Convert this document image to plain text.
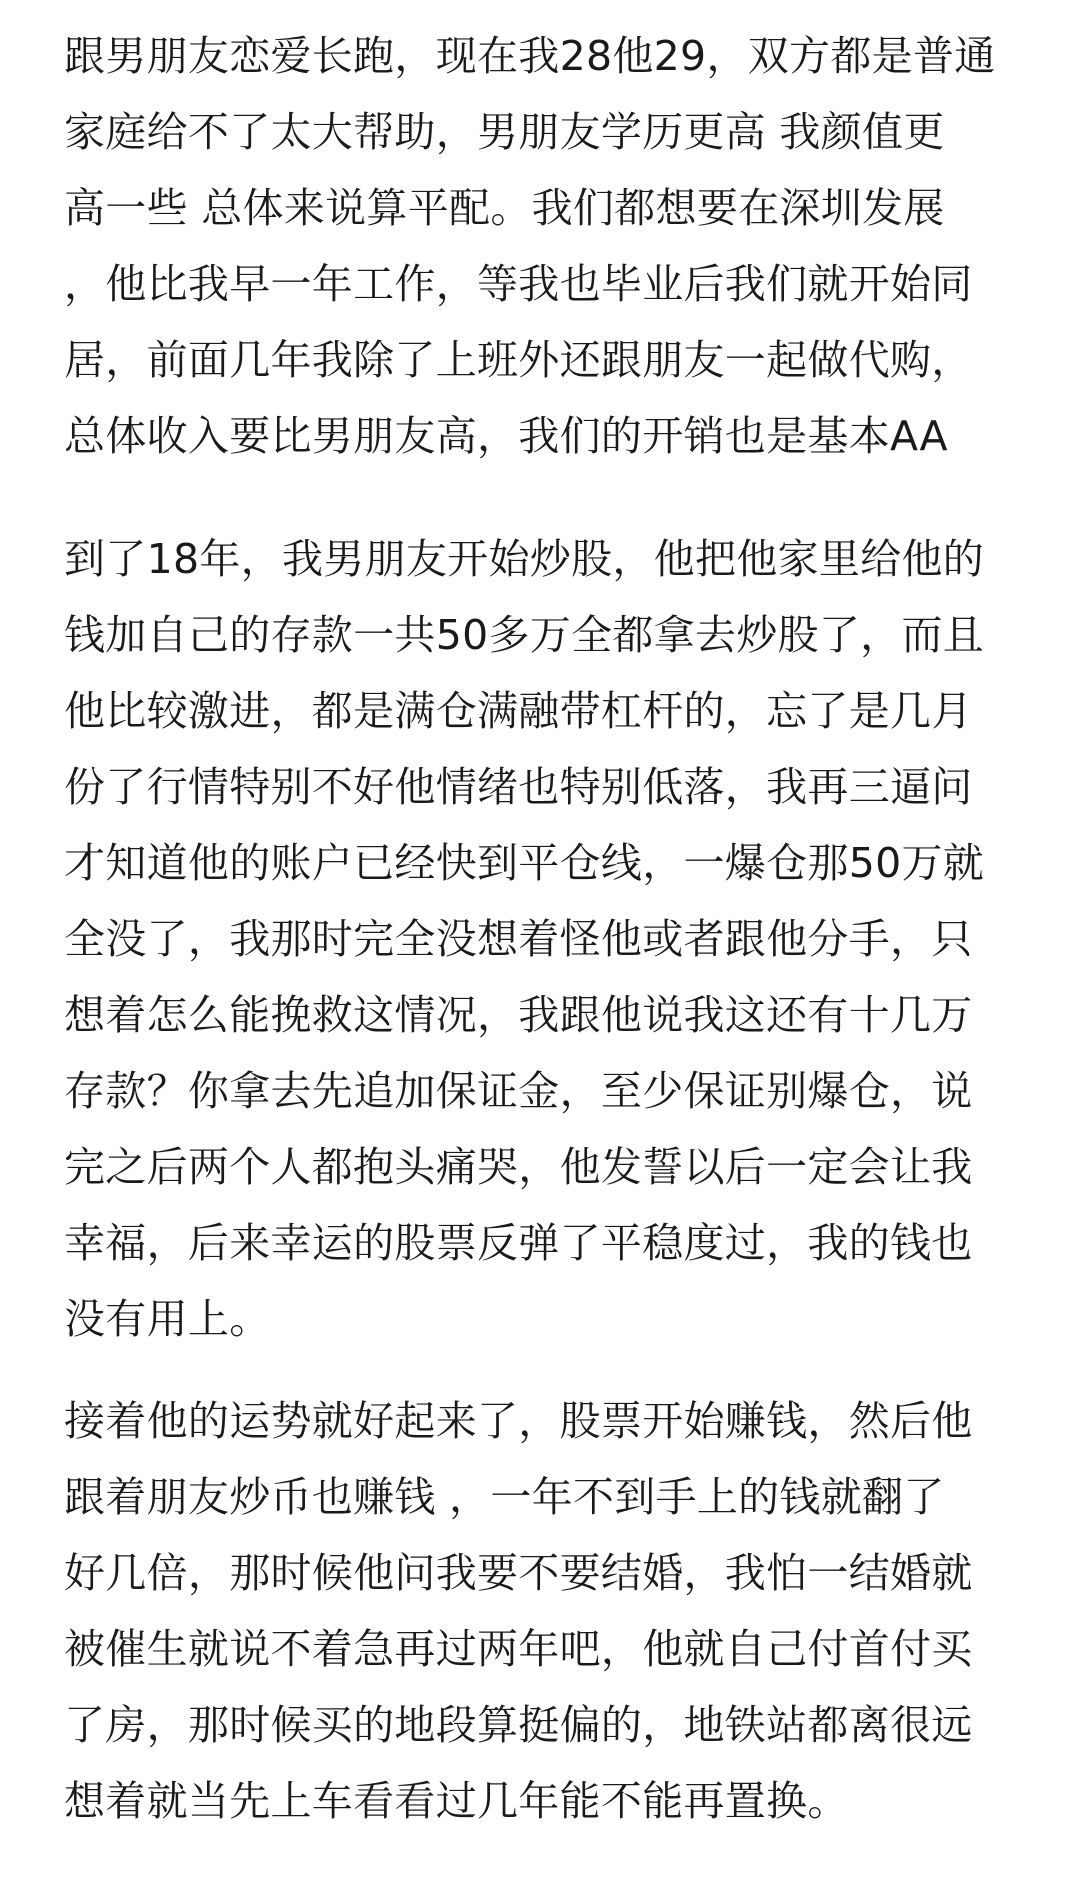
跟男朋友恋爱长跑，现在我28他29，双方都是普通
家庭给不了太大帮助，男朋友学历更高 我颜值更
高一些 总体来说算平配。我们都想要在深圳发展
，他比我早一年工作，等我也毕业后我们就开始同
居，前面几年我除了上班外还跟朋友一起做代购，
总体收入要比男朋友高，我们的开销也是基本AA
到了18年，我男朋友开始炒股，他把他家里给他的
钱加自己的存款一共50多万全都拿去炒股了，而且
他比较激进，都是满仓满融带杠杆的，忘了是几月
份了行情特别不好他情绪也特别低落，我再三逼问
才知道他的账户已经快到平仓线，一爆仓那50万就
全没了，我那时完全没想着怪他或者跟他分手，只
想着怎么能挽救这情况，我跟他说我这还有十几万
存款？你拿去先追加保证金，至少保证别爆仓，说
完之后两个人都抱头痛哭，他发誓以后一定会让我
幸福，后来幸运的股票反弹了平稳度过，我的钱也
没有用上。
接着他的运势就好起来了，股票开始赚钱，然后他
跟着朋友炒币也赚钱 ，一年不到手上的钱就翻了
好几倍，那时候他问我要不要结婚，我怕一结婚就
被催生就说不着急再过两年吧，他就自己付首付买
了房，那时候买的地段算挺偏的，地铁站都离很远
想着就当先上车看看过几年能不能再置换。
